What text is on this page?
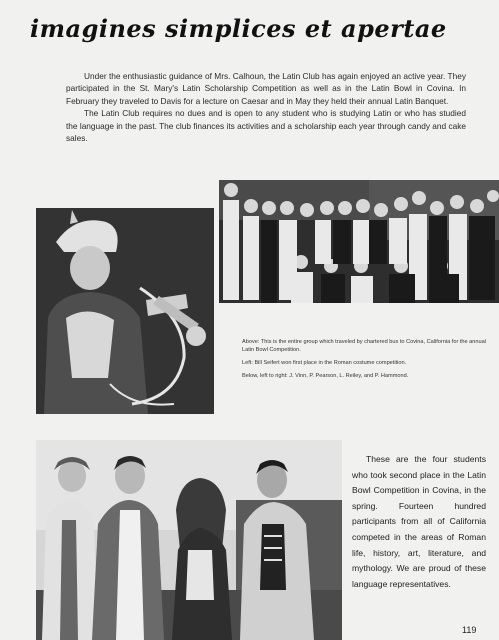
imagines simplices et apertae

Under the enthusiastic guidance of Mrs. Calhoun, the Latin Club has again enjoyed an active year. They participated in the St. Mary's Latin Scholarship Competition as well as in the Latin Bowl in Covina. In February they traveled to Davis for a lecture on Caesar and in May they held their annual Latin Banquet.

The Latin Club requires no dues and is open to any student who is studying Latin or who has studied the language in the past. The club finances its activities and a scholarship each year through candy and cake sales.

Above: This is the entire group which traveled by chartered bus to Covina, California for the annual Latin Bowl Competition.

Left: Bill Seifert won first place in the Roman costume competition.

Below, left to right: J. Vinn, P. Pearson, L. Reiley, and P. Hammond.

These are the four students who took second place in the Latin Bowl Competition in Covina, in the spring. Fourteen hundred participants from all of California competed in the areas of Roman life, history, art, literature, and mythology. We are proud of these language representatives.
119
